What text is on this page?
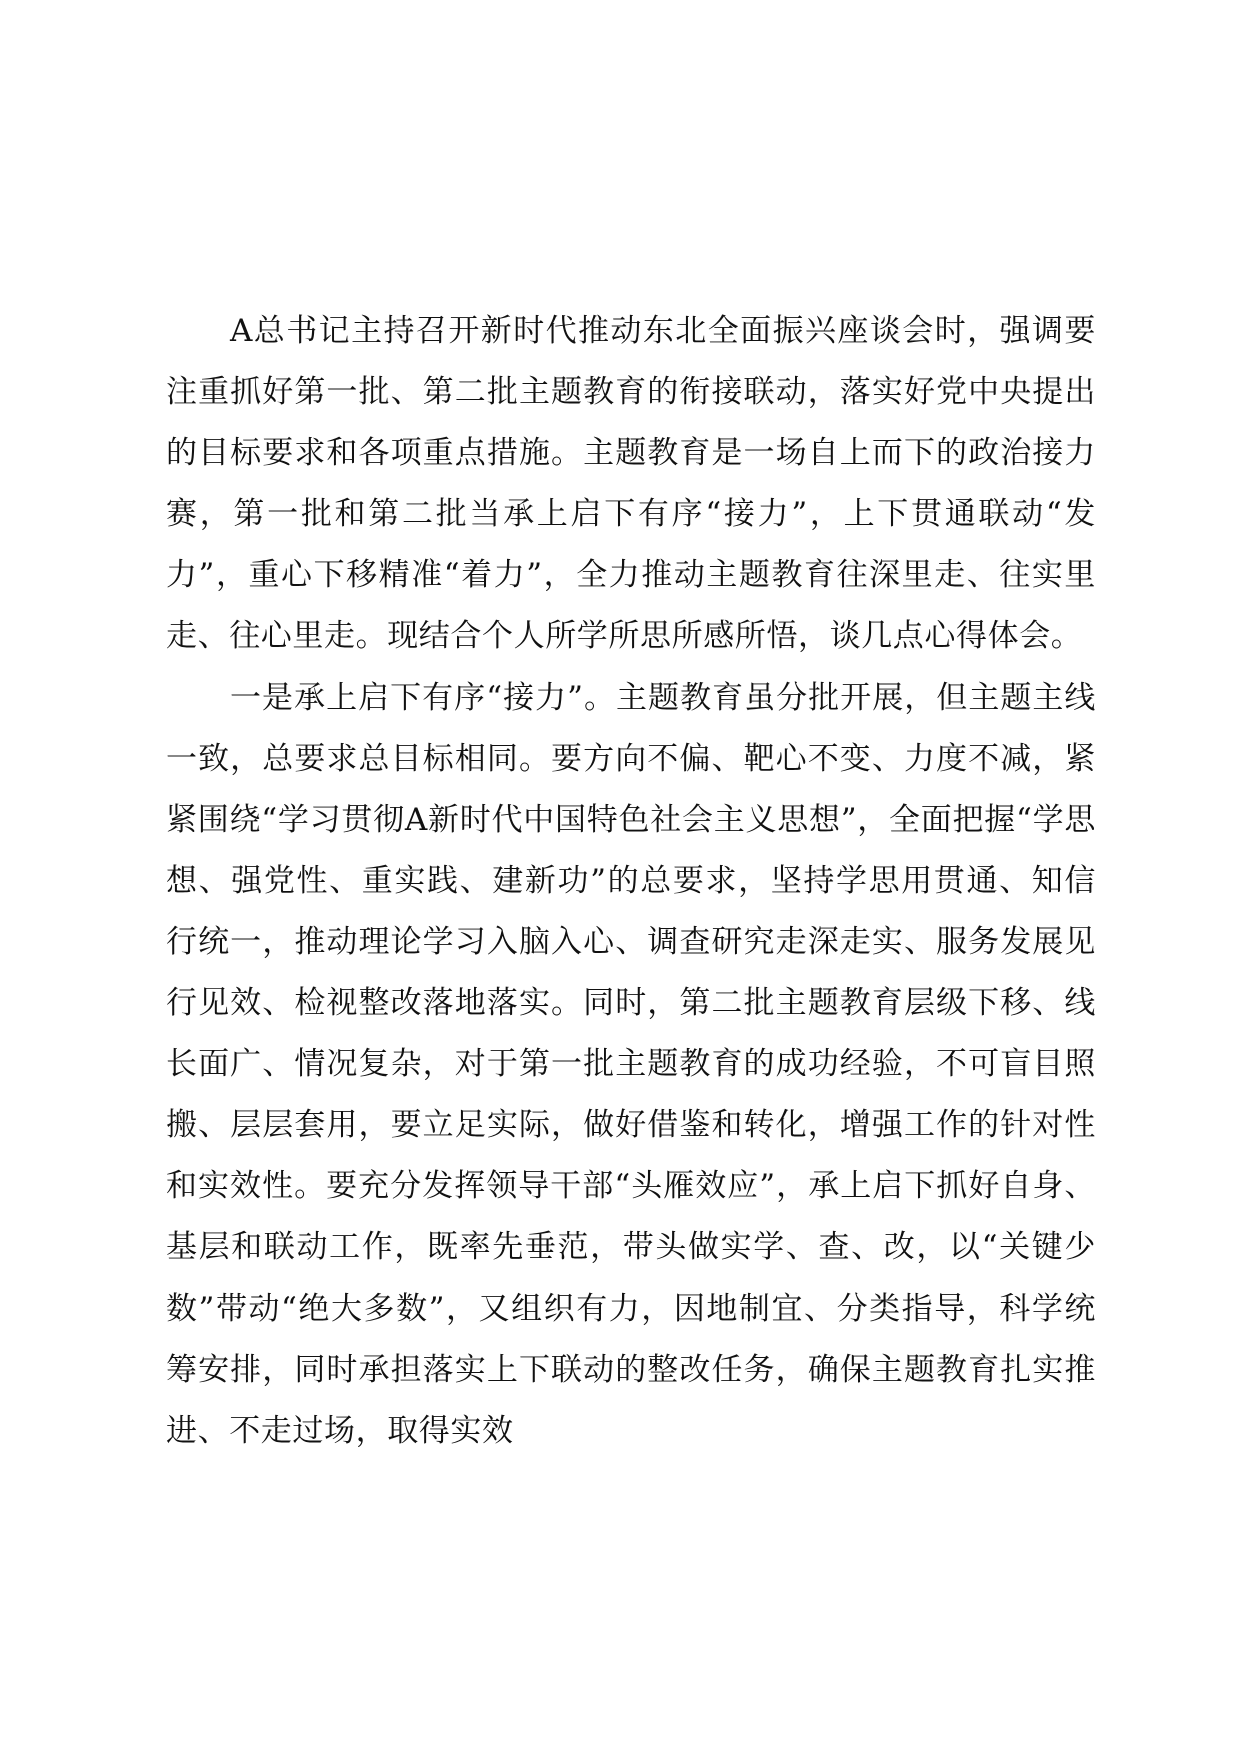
A总书记主持召开新时代推动东北全面振兴座谈会时，强调要注重抓好第一批、第二批主题教育的衔接联动，落实好党中央提出的目标要求和各项重点措施。主题教育是一场自上而下的政治接力赛，第一批和第二批当承上启下有序“接力”，上下贯通联动“发力”，重心下移精准“着力”，全力推动主题教育往深里走、往实里走、往心里走。现结合个人所学所思所感所悟，谈几点心得体会。

一是承上启下有序“接力”。主题教育虽分批开展，但主题主线一致，总要求总目标相同。要方向不偏、靶心不变、力度不减，紧紧围绕“学习贯彻A新时代中国特色社会主义思想”，全面把握“学思想、强党性、重实践、建新功”的总要求，坚持学思用贯通、知信行统一，推动理论学习入脑入心、调查研究走深走实、服务发展见行见效、检视整改落地落实。同时，第二批主题教育层级下移、线长面广、情况复杂，对于第一批主题教育的成功经验，不可盲目照搬、层层套用，要立足实际，做好借鉴和转化，增强工作的针对性和实效性。要充分发挥领导干部“头雁效应”，承上启下抓好自身、基层和联动工作，既率先垂范，带头做实学、查、改，以“关键少数”带动“绝大多数”，又组织有力，因地制宜、分类指导，科学统筹安排，同时承担落实上下联动的整改任务，确保主题教育扎实推进、不走过场，取得实效
